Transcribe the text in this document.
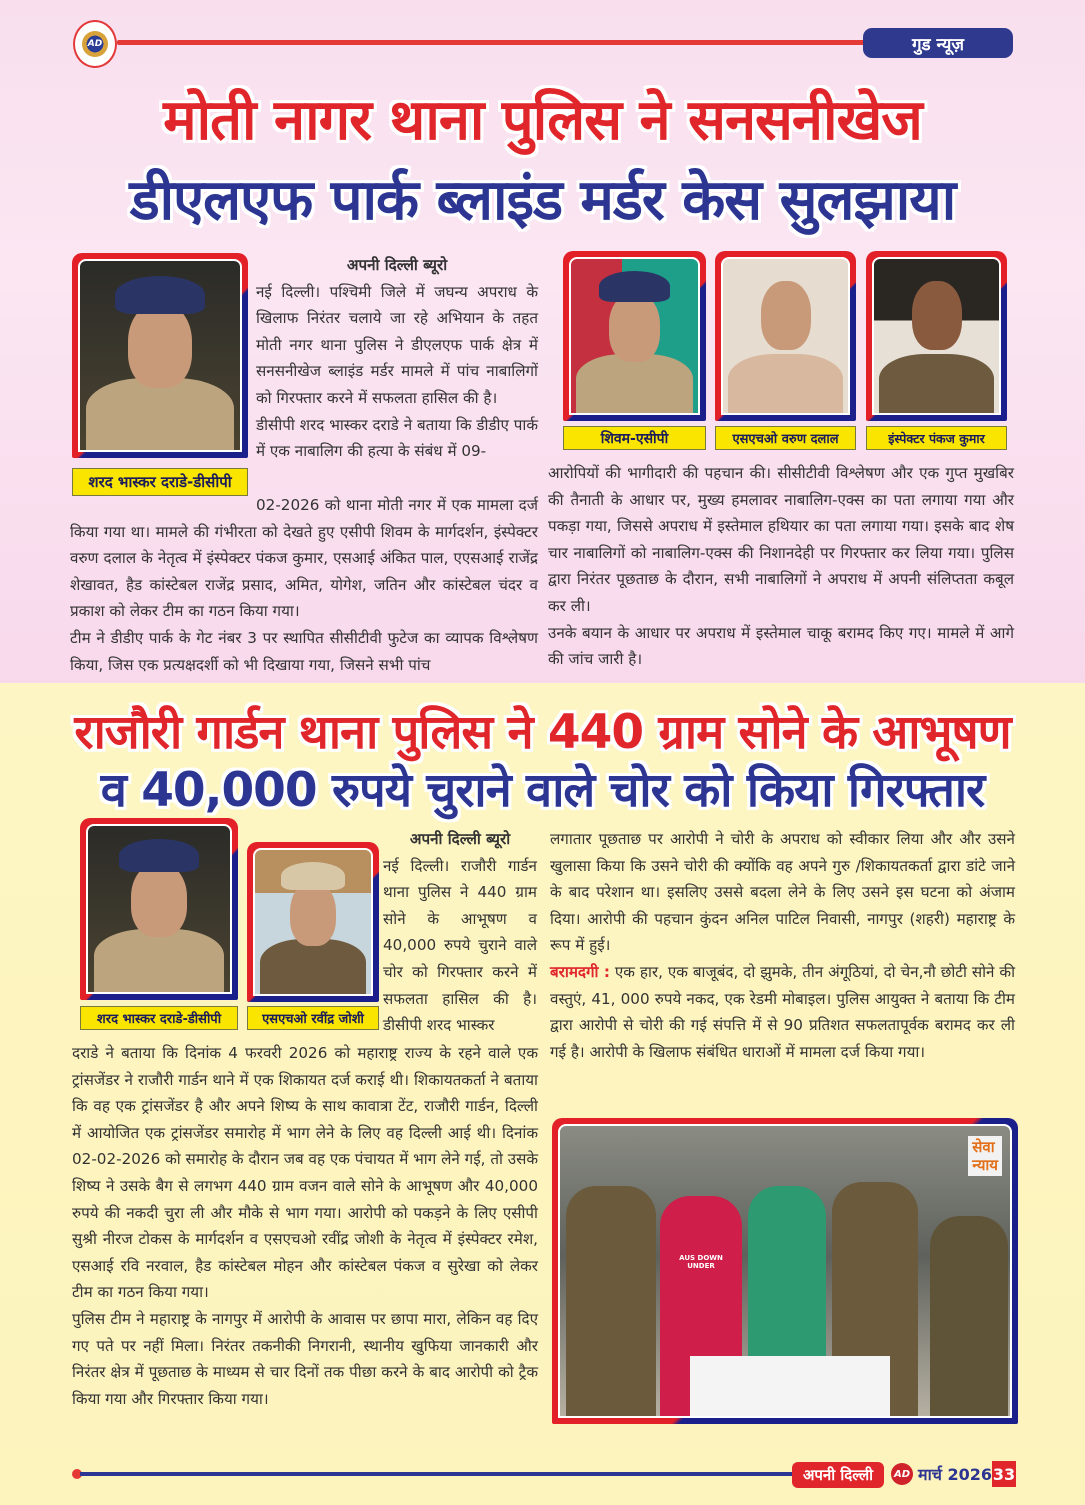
AD	गुड न्यूज़
मोती नागर थाना पुलिस ने सनसनीखेज
डीएलएफ पार्क ब्लाइंड मर्डर केस सुलझाया
शरद भास्कर दराडे-डीसीपी
अपनी दिल्ली ब्यूरो
नई दिल्ली। पश्चिमी जिले में जघन्य अपराध के खिलाफ निरंतर चलाये जा रहे अभियान के तहत मोती नगर थाना पुलिस ने डीएलएफ पार्क क्षेत्र में सनसनीखेज ब्लाइंड मर्डर मामले में पांच नाबालिगों को गिरफ्तार करने में सफलता हासिल की है।
डीसीपी शरद भास्कर दराडे ने बताया कि डीडीए पार्क में एक नाबालिग की हत्या के संबंध में 09-
02-2026 को थाना मोती नगर में एक मामला दर्ज किया गया था। मामले की गंभीरता को देखते हुए एसीपी शिवम के मार्गदर्शन, इंस्पेक्टर वरुण दलाल के नेतृत्व में इंस्पेक्टर पंकज कुमार, एसआई अंकित पाल, एएसआई राजेंद्र शेखावत, हैड कांस्टेबल राजेंद्र प्रसाद, अमित, योगेश, जतिन और कांस्टेबल चंदर व प्रकाश को लेकर टीम का गठन किया गया।
टीम ने डीडीए पार्क के गेट नंबर 3 पर स्थापित सीसीटीवी फुटेज का व्यापक विश्लेषण किया, जिस एक प्रत्यक्षदर्शी को भी दिखाया गया, जिसने सभी पांच
शिवम-एसीपी	एसएचओ वरुण दलाल	इंस्पेक्टर पंकज कुमार
आरोपियों की भागीदारी की पहचान की। सीसीटीवी विश्लेषण और एक गुप्त मुखबिर की तैनाती के आधार पर, मुख्य हमलावर नाबालिग-एक्स का पता लगाया गया और पकड़ा गया, जिससे अपराध में इस्तेमाल हथियार का पता लगाया गया। इसके बाद शेष चार नाबालिगों को नाबालिग-एक्स की निशानदेही पर गिरफ्तार कर लिया गया। पुलिस द्वारा निरंतर पूछताछ के दौरान, सभी नाबालिगों ने अपराध में अपनी संलिप्तता कबूल कर ली।
उनके बयान के आधार पर अपराध में इस्तेमाल चाकू बरामद किए गए। मामले में आगे की जांच जारी है।
राजौरी गार्डन थाना पुलिस ने 440 ग्राम सोने के आभूषण
व 40,000 रुपये चुराने वाले चोर को किया गिरफ्तार
शरद भास्कर दराडे-डीसीपी	एसएचओ रवींद्र जोशी
अपनी दिल्ली ब्यूरो
नई दिल्ली। राजौरी गार्डन थाना पुलिस ने 440 ग्राम सोने के आभूषण व 40,000 रुपये चुराने वाले चोर को गिरफ्तार करने में सफलता हासिल की है। डीसीपी शरद भास्कर
दराडे ने बताया कि दिनांक 4 फरवरी 2026 को महाराष्ट्र राज्य के रहने वाले एक ट्रांसजेंडर ने राजौरी गार्डन थाने में एक शिकायत दर्ज कराई थी। शिकायतकर्ता ने बताया कि वह एक ट्रांसजेंडर है और अपने शिष्य के साथ कावात्रा टेंट, राजौरी गार्डन, दिल्ली में आयोजित एक ट्रांसजेंडर समारोह में भाग लेने के लिए वह दिल्ली आई थी। दिनांक 02-02-2026 को समारोह के दौरान जब वह एक पंचायत में भाग लेने गई, तो उसके शिष्य ने उसके बैग से लगभग 440 ग्राम वजन वाले सोने के आभूषण और 40,000 रुपये की नकदी चुरा ली और मौके से भाग गया। आरोपी को पकड़ने के लिए एसीपी सुश्री नीरज टोकस के मार्गदर्शन व एसएचओ रवींद्र जोशी के नेतृत्व में इंस्पेक्टर रमेश, एसआई रवि नरवाल, हैड कांस्टेबल मोहन और कांस्टेबल पंकज व सुरेखा को लेकर टीम का गठन किया गया।
पुलिस टीम ने महाराष्ट्र के नागपुर में आरोपी के आवास पर छापा मारा, लेकिन वह दिए गए पते पर नहीं मिला। निरंतर तकनीकी निगरानी, स्थानीय खुफिया जानकारी और निरंतर क्षेत्र में पूछताछ के माध्यम से चार दिनों तक पीछा करने के बाद आरोपी को ट्रैक किया गया और गिरफ्तार किया गया।
लगातार पूछताछ पर आरोपी ने चोरी के अपराध को स्वीकार लिया और और उसने खुलासा किया कि उसने चोरी की क्योंकि वह अपने गुरु /शिकायतकर्ता द्वारा डांटे जाने के बाद परेशान था। इसलिए उससे बदला लेने के लिए उसने इस घटना को अंजाम दिया। आरोपी की पहचान कुंदन अनिल पाटिल निवासी, नागपुर (शहरी) महाराष्ट्र के रूप में हुई।
बरामदगी : एक हार, एक बाजूबंद, दो झुमके, तीन अंगूठियां, दो चेन,नौ छोटी सोने की वस्तुएं, 41, 000 रुपये नकद, एक रेडमी मोबाइल। पुलिस आयुक्त ने बताया कि टीम द्वारा आरोपी से चोरी की गई संपत्ति में से 90 प्रतिशत सफलतापूर्वक बरामद कर ली गई है। आरोपी के खिलाफ संबंधित धाराओं में मामला दर्ज किया गया।
सेवा
न्याय
AUS DOWN UNDER
अपनी दिल्ली	AD मार्च 2026 33
